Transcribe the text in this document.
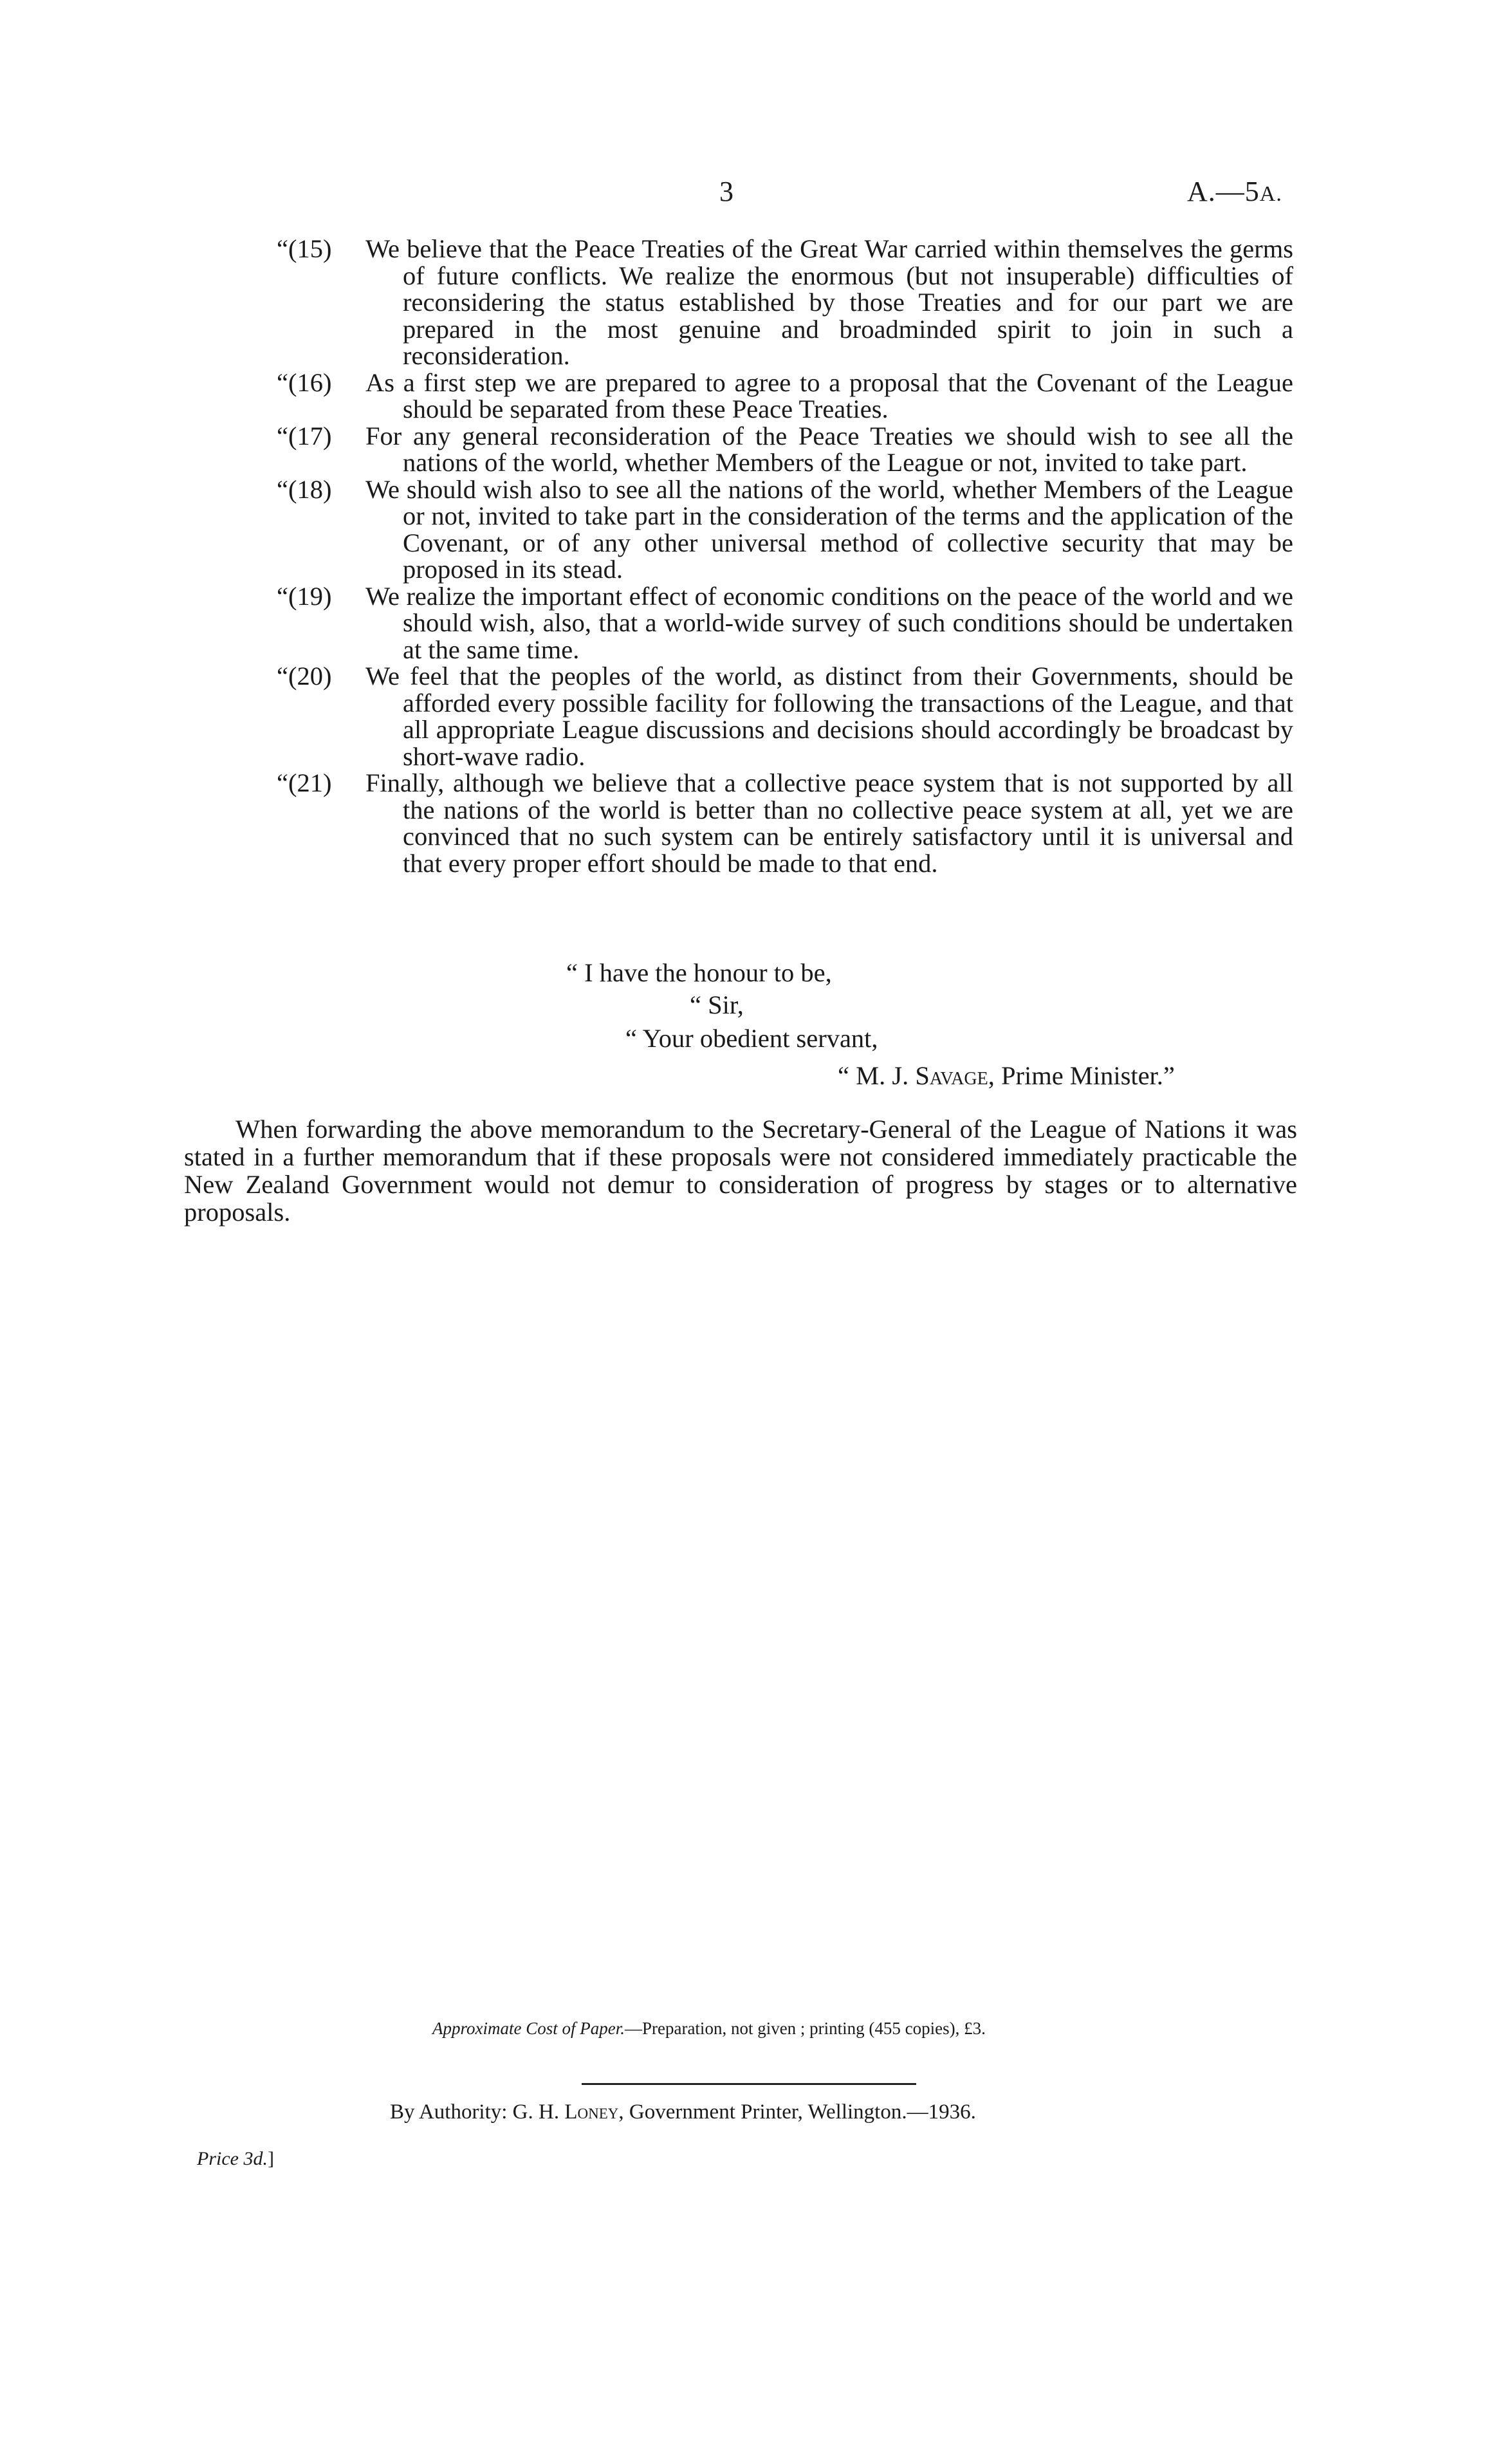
3	A.—5A.
“(15)	We believe that the Peace Treaties of the Great War carried within themselves the germs of future conflicts. We realize the enormous (but not insuperable) difficulties of reconsidering the status established by those Treaties and for our part we are prepared in the most genuine and broadminded spirit to join in such a reconsideration.
“(16)	As a first step we are prepared to agree to a proposal that the Covenant of the League should be separated from these Peace Treaties.
“(17)	For any general reconsideration of the Peace Treaties we should wish to see all the nations of the world, whether Members of the League or not, invited to take part.
“(18)	We should wish also to see all the nations of the world, whether Members of the League or not, invited to take part in the consideration of the terms and the application of the Covenant, or of any other universal method of collective security that may be proposed in its stead.
“(19)	We realize the important effect of economic conditions on the peace of the world and we should wish, also, that a world-wide survey of such conditions should be undertaken at the same time.
“(20)	We feel that the peoples of the world, as distinct from their Governments, should be afforded every possible facility for following the transactions of the League, and that all appropriate League discussions and decisions should accordingly be broadcast by short-wave radio.
“(21)	Finally, although we believe that a collective peace system that is not supported by all the nations of the world is better than no collective peace system at all, yet we are convinced that no such system can be entirely satisfactory until it is universal and that every proper effort should be made to that end.
“ I have the honour to be,
“ Sir,
“ Your obedient servant,
“ M. J. Savage, Prime Minister.”
When forwarding the above memorandum to the Secretary-General of the League of Nations it was stated in a further memorandum that if these proposals were not considered immediately practicable the New Zealand Government would not demur to consideration of progress by stages or to alternative proposals.
Approximate Cost of Paper.—Preparation, not given ; printing (455 copies), £3.
By Authority: G. H. Loney, Government Printer, Wellington.—1936.
Price 3d.]
